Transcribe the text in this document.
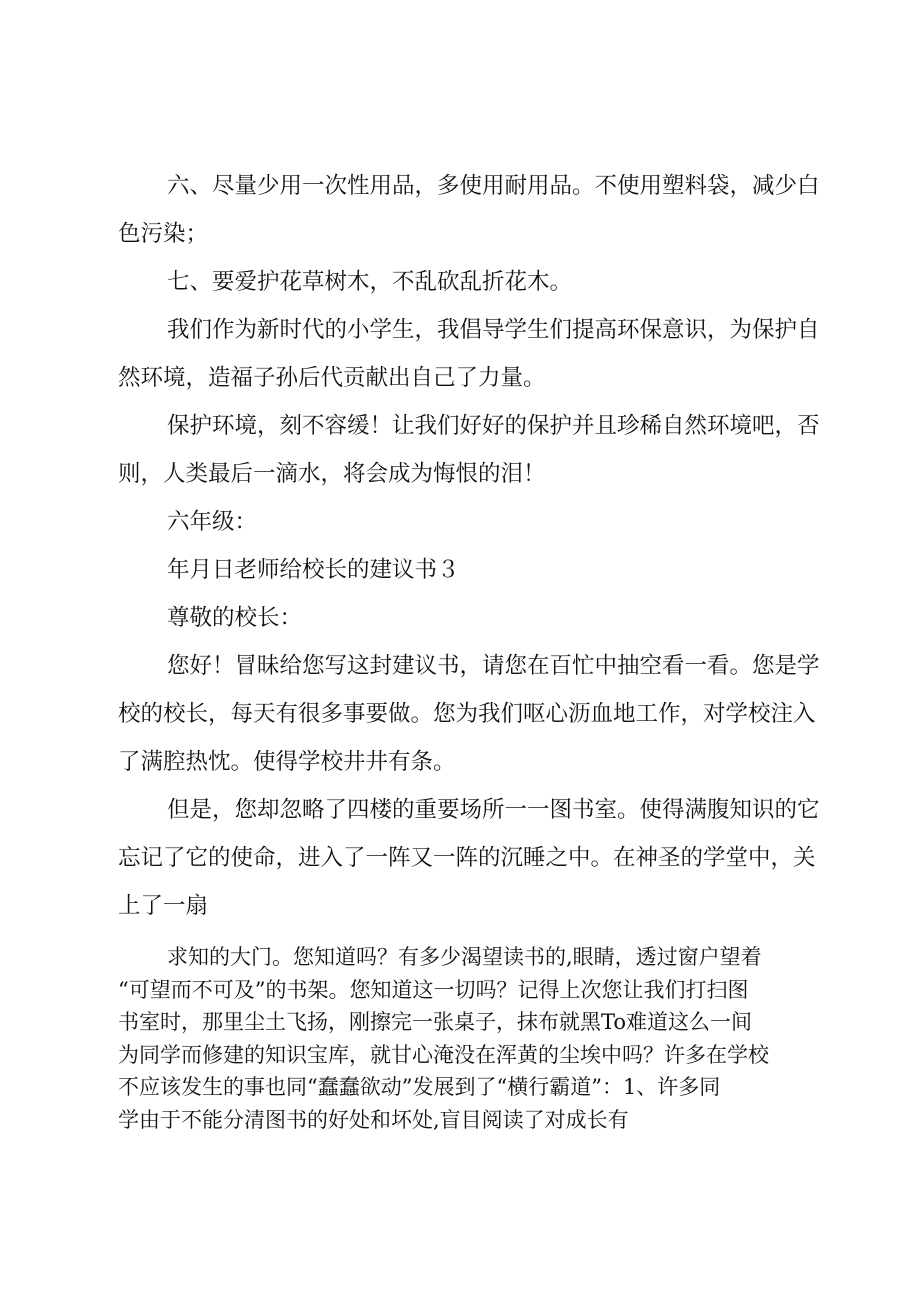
六、尽量少用一次性用品，多使用耐用品。不使用塑料袋，减少白
色污染；
七、要爱护花草树木，不乱砍乱折花木。
我们作为新时代的小学生，我倡导学生们提高环保意识，为保护自
然环境，造福子孙后代贡献出自己了力量。
保护环境，刻不容缓！让我们好好的保护并且珍稀自然环境吧，否
则，人类最后一滴水，将会成为悔恨的泪！
六年级：
年月日老师给校长的建议书３
尊敬的校长：
您好！冒昧给您写这封建议书，请您在百忙中抽空看一看。您是学
校的校长，每天有很多事要做。您为我们呕心沥血地工作，对学校注入
了满腔热忱。使得学校井井有条。
但是，您却忽略了四楼的重要场所一一图书室。使得满腹知识的它
忘记了它的使命，进入了一阵又一阵的沉睡之中。在神圣的学堂中，关
上了一扇
求知的大门。您知道吗？有多少渴望读书的,眼睛，透过窗户望着
“可望而不可及”的书架。您知道这一切吗？记得上次您让我们打扫图
书室时，那里尘土飞扬，刚擦完一张桌子，抹布就黑To难道这么一间
为同学而修建的知识宝库，就甘心淹没在浑黄的尘埃中吗？许多在学校
不应该发生的事也同“蠢蠢欲动”发展到了“横行霸道”：1、许多同
学由于不能分清图书的好处和坏处,盲目阅读了对成长有
